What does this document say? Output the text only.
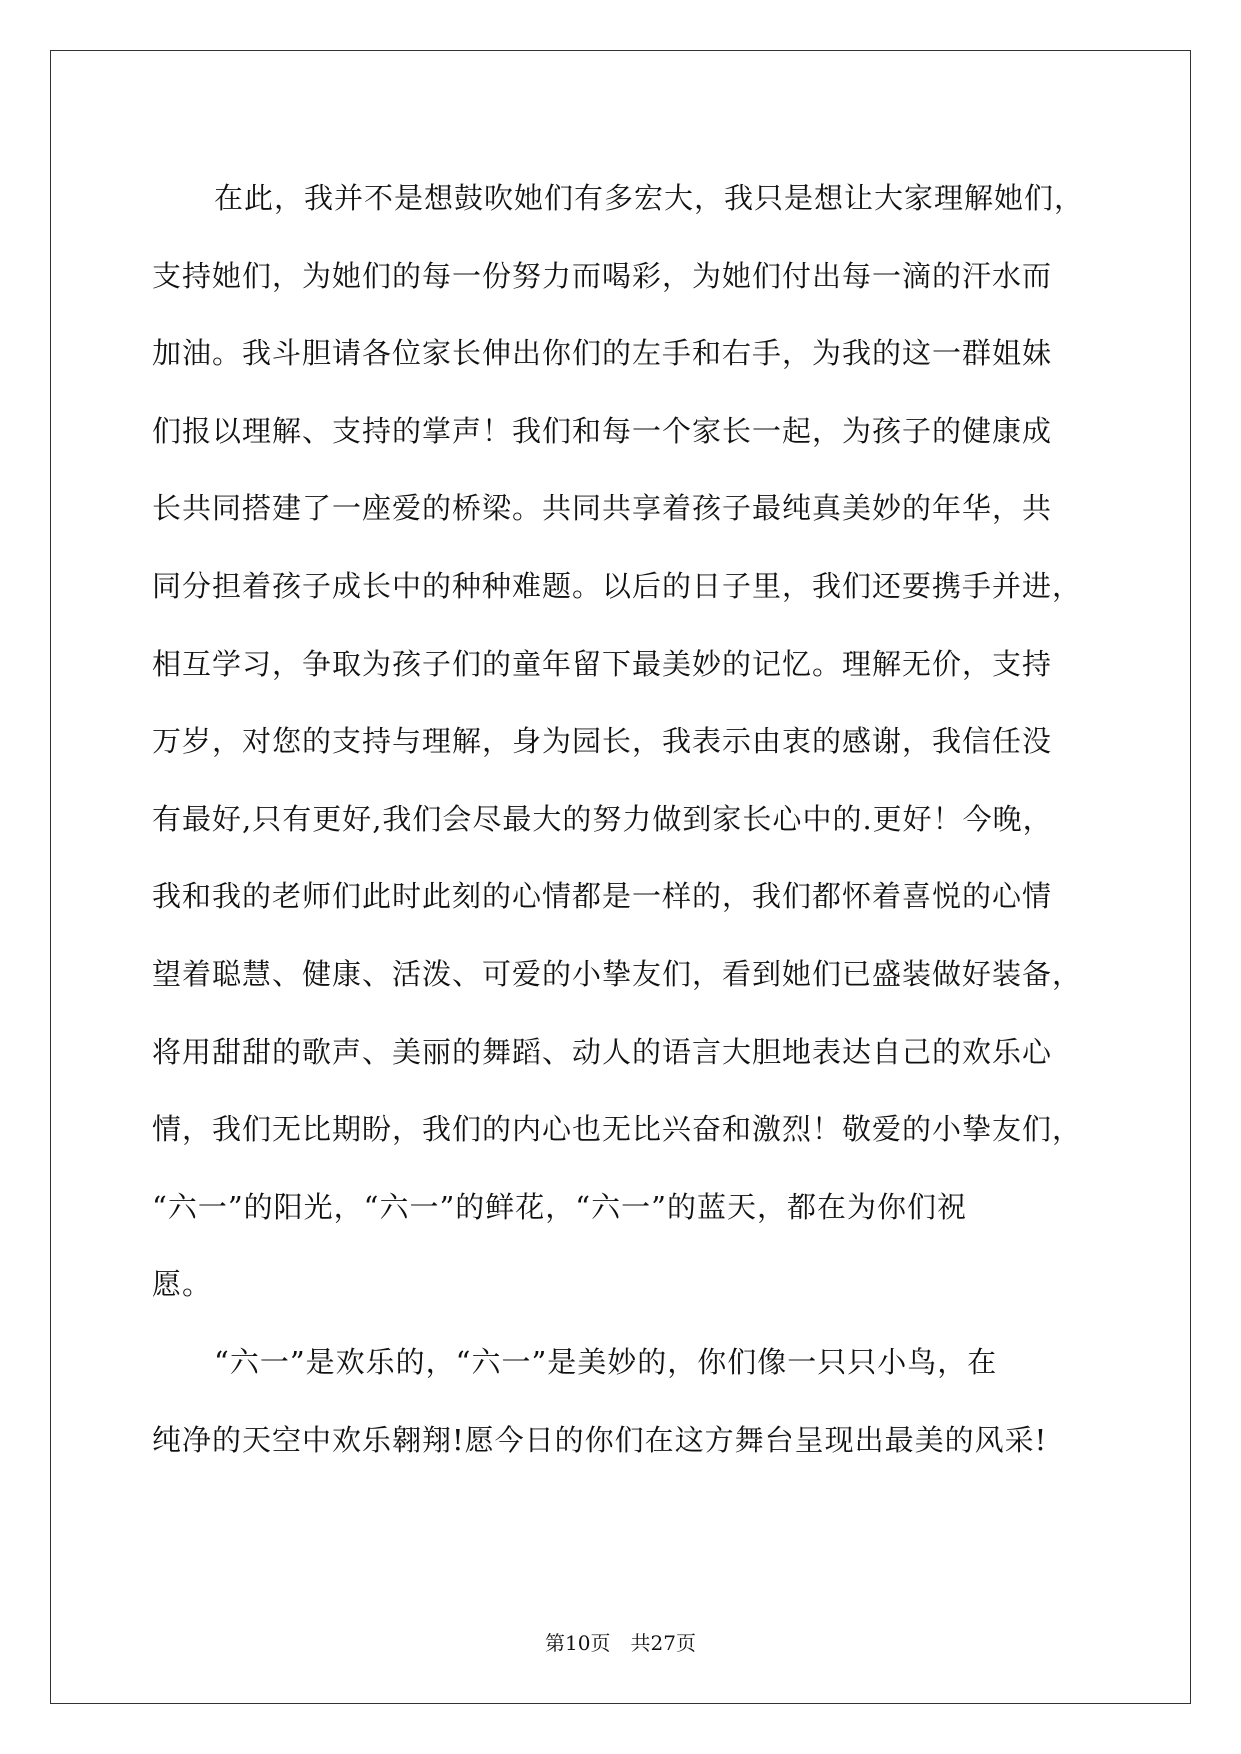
在此，我并不是想鼓吹她们有多宏大，我只是想让大家理解她们，
支持她们，为她们的每一份努力而喝彩，为她们付出每一滴的汗水而
加油。我斗胆请各位家长伸出你们的左手和右手，为我的这一群姐妹
们报以理解、支持的掌声！我们和每一个家长一起，为孩子的健康成
长共同搭建了一座爱的桥梁。共同共享着孩子最纯真美妙的年华，共
同分担着孩子成长中的种种难题。以后的日子里，我们还要携手并进，
相互学习，争取为孩子们的童年留下最美妙的记忆。理解无价，支持
万岁，对您的支持与理解，身为园长，我表示由衷的感谢，我信任没
有最好,只有更好,我们会尽最大的努力做到家长心中的.更好！今晚，
我和我的老师们此时此刻的心情都是一样的，我们都怀着喜悦的心情
望着聪慧、健康、活泼、可爱的小挚友们，看到她们已盛装做好装备，
将用甜甜的歌声、美丽的舞蹈、动人的语言大胆地表达自己的欢乐心
情，我们无比期盼，我们的内心也无比兴奋和激烈！敬爱的小挚友们，
“六一”的阳光，“六一”的鲜花，“六一”的蓝天，都在为你们祝
愿。
“六一”是欢乐的，“六一”是美妙的，你们像一只只小鸟，在
纯净的天空中欢乐翱翔!愿今日的你们在这方舞台呈现出最美的风采!
第10页　共27页
